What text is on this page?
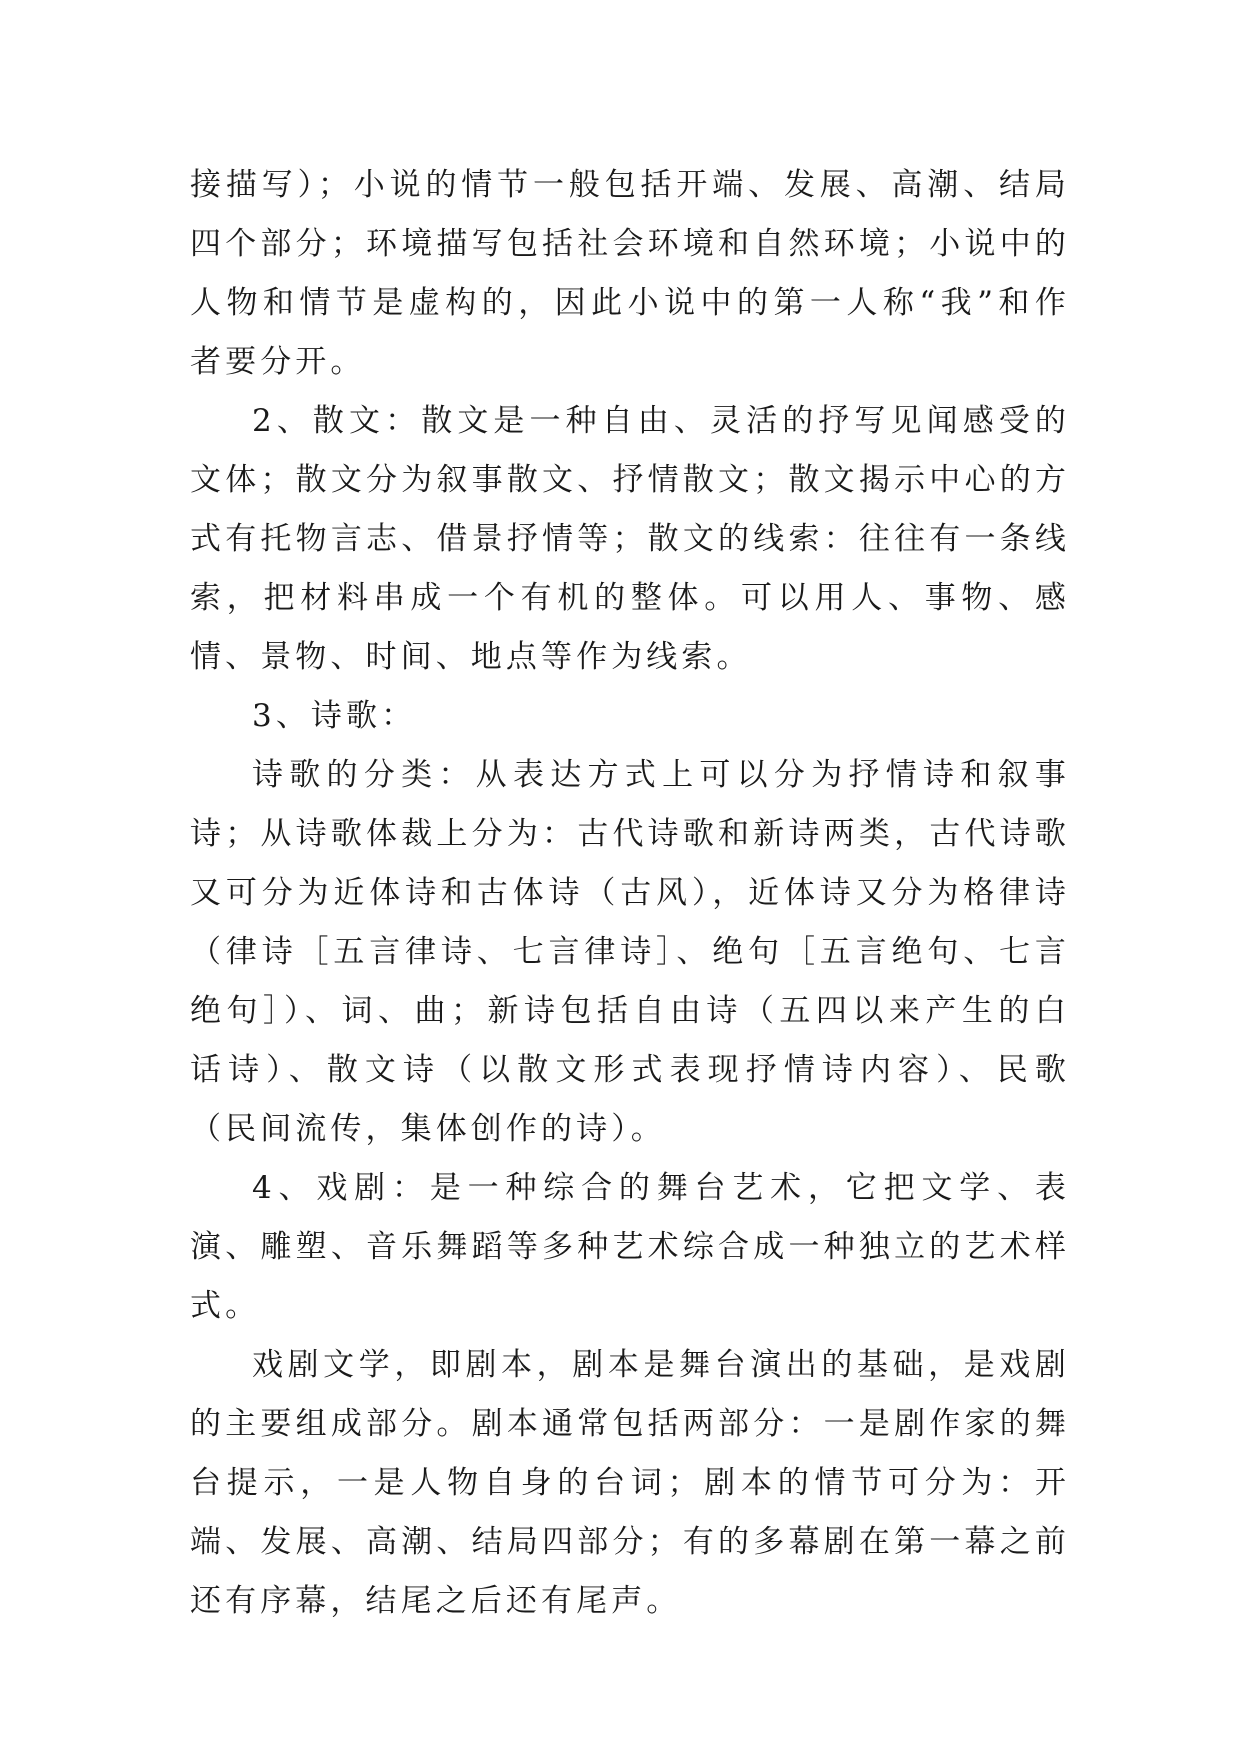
接描写）；小说的情节一般包括开端、发展、高潮、结局四个部分；环境描写包括社会环境和自然环境；小说中的人物和情节是虚构的，因此小说中的第一人称“我”和作者要分开。

2、散文：散文是一种自由、灵活的抒写见闻感受的文体；散文分为叙事散文、抒情散文；散文揭示中心的方式有托物言志、借景抒情等；散文的线索：往往有一条线索，把材料串成一个有机的整体。可以用人、事物、感情、景物、时间、地点等作为线索。

3、诗歌：

诗歌的分类：从表达方式上可以分为抒情诗和叙事诗；从诗歌体裁上分为：古代诗歌和新诗两类，古代诗歌又可分为近体诗和古体诗（古风），近体诗又分为格律诗（律诗［五言律诗、七言律诗］、绝句［五言绝句、七言绝句］）、词、曲；新诗包括自由诗（五四以来产生的白话诗）、散文诗（以散文形式表现抒情诗内容）、民歌（民间流传，集体创作的诗）。

4、戏剧：是一种综合的舞台艺术，它把文学、表演、雕塑、音乐舞蹈等多种艺术综合成一种独立的艺术样式。

戏剧文学，即剧本，剧本是舞台演出的基础，是戏剧的主要组成部分。剧本通常包括两部分：一是剧作家的舞台提示，一是人物自身的台词；剧本的情节可分为：开端、发展、高潮、结局四部分；有的多幕剧在第一幕之前还有序幕，结尾之后还有尾声。
